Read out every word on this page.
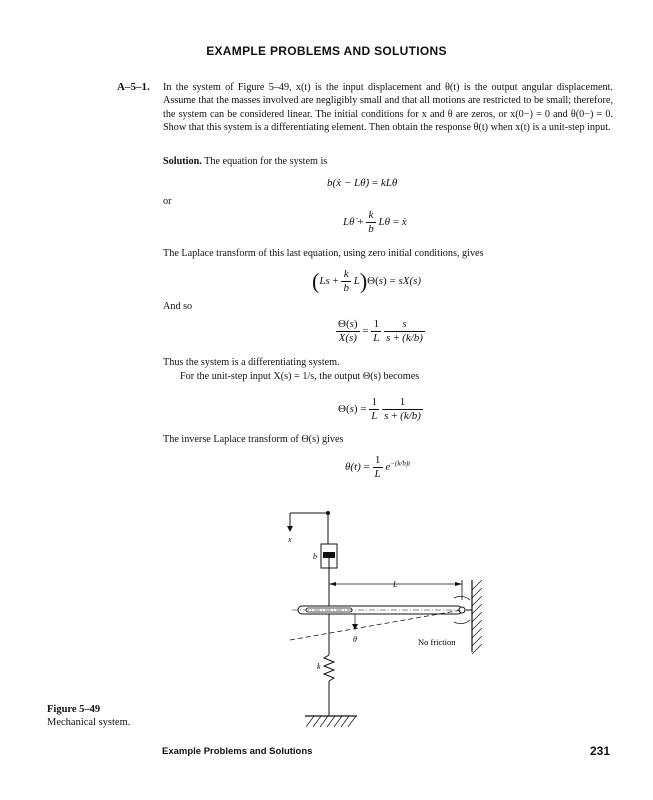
EXAMPLE PROBLEMS AND SOLUTIONS
A–5–1. In the system of Figure 5–49, x(t) is the input displacement and θ(t) is the output angular displacement. Assume that the masses involved are negligibly small and that all motions are restricted to be small; therefore, the system can be considered linear. The initial conditions for x and θ are zeros, or x(0−) = 0 and θ(0−) = 0. Show that this system is a differentiating element. Then obtain the response θ(t) when x(t) is a unit-step input.

Solution. The equation for the system is
b(ẋ − Lθ̇) = kLθ
or
Lθ̇ + $\frac{k}{b}$ Lθ = ẋ
The Laplace transform of this last equation, using zero initial conditions, gives
$(Ls + \frac{k}{b} L)\Theta(s) = sX(s)$
And so
$\frac{\Theta(s)}{X(s)} = \frac{1}{L}$
$\frac{s}{s + (k/b)}$
Thus the system is a differentiating system.
For the unit-step input X(s) = 1/s, the output Θ(s) becomes
$\Theta(s) = \frac{1}{L}$
$\frac{1}{s + (k/b)}$
The inverse Laplace transform of Θ(s) gives
$\theta(t) = \frac{1}{L} e^{-(k/b)t}$
x
b
L
θ	No friction
k
Figure 5–49
Mechanical system.
Example Problems and Solutions	231
